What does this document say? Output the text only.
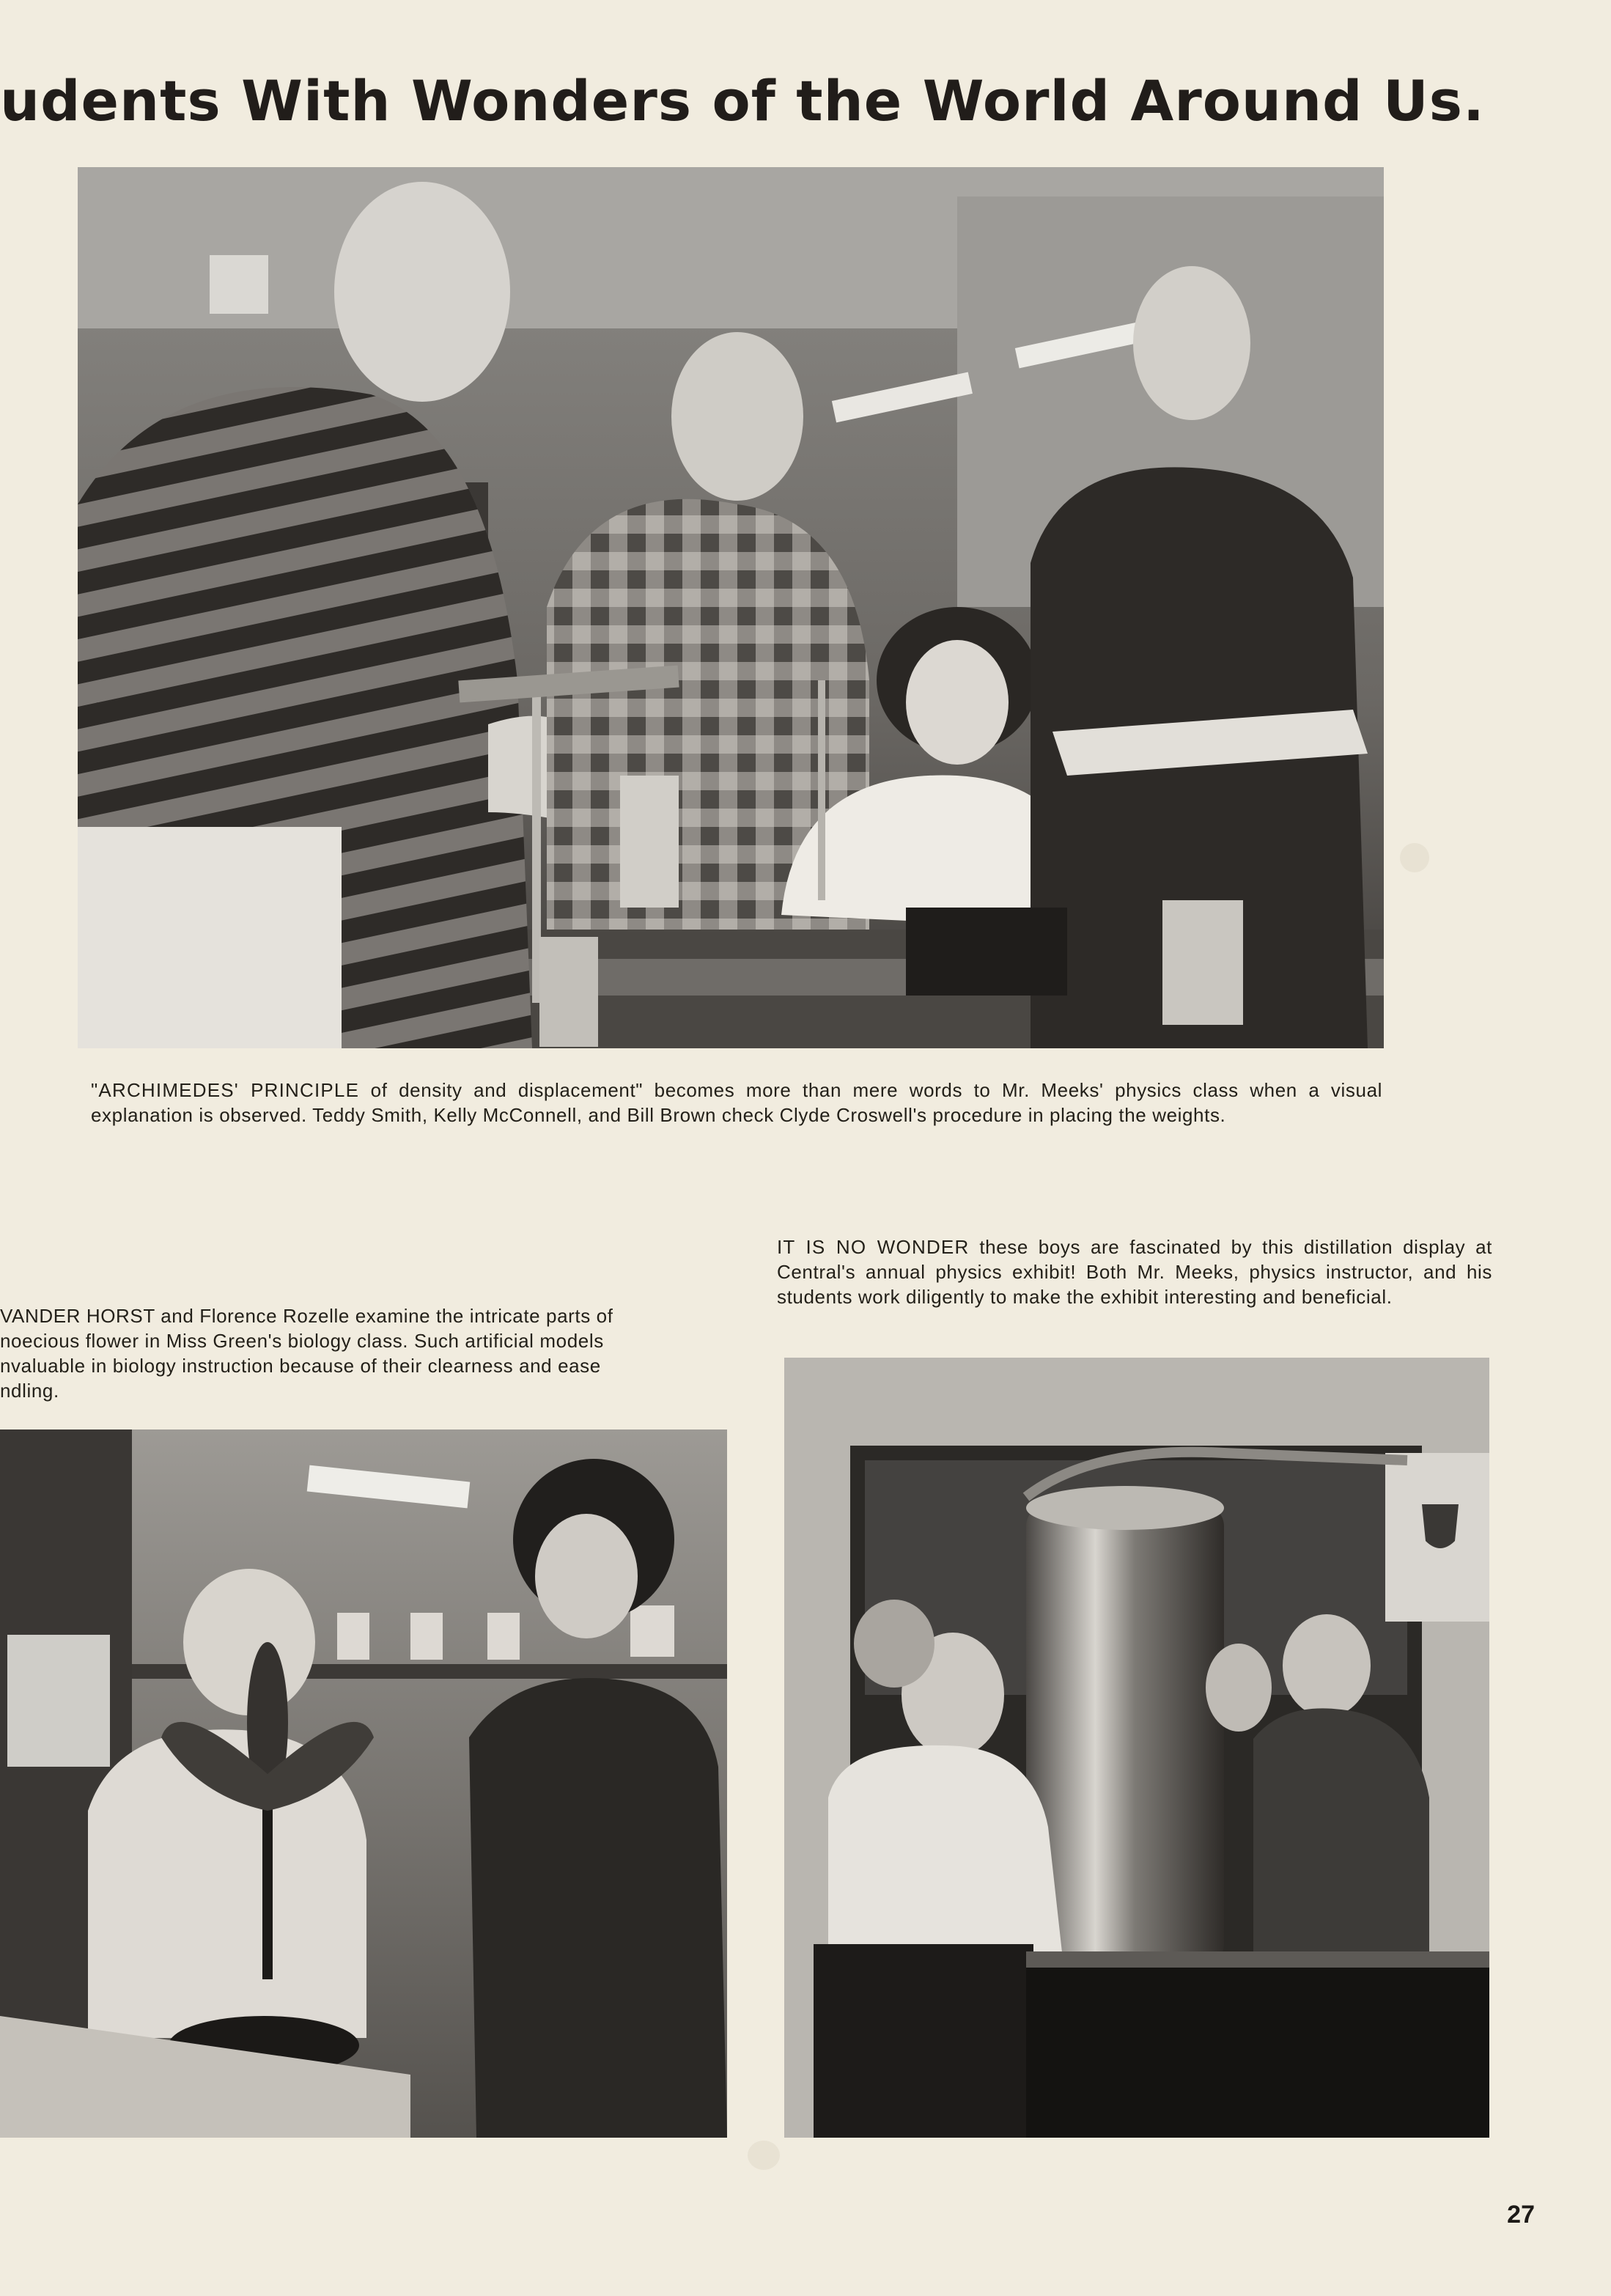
udents With Wonders of the World Around Us.

"ARCHIMEDES' PRINCIPLE of density and displacement" becomes more than mere words to Mr. Meeks' physics class when a visual explanation is observed. Teddy Smith, Kelly McConnell, and Bill Brown check Clyde Croswell's procedure in placing the weights.

IT IS NO WONDER these boys are fascinated by this distillation display at Central's annual physics exhibit! Both Mr. Meeks, physics instructor, and his students work diligently to make the exhibit interesting and beneficial.

VANDER HORST and Florence Rozelle examine the intricate parts of
noecious flower in Miss Green's biology class. Such artificial models
nvaluable in biology instruction because of their clearness and ease
ndling.

27
